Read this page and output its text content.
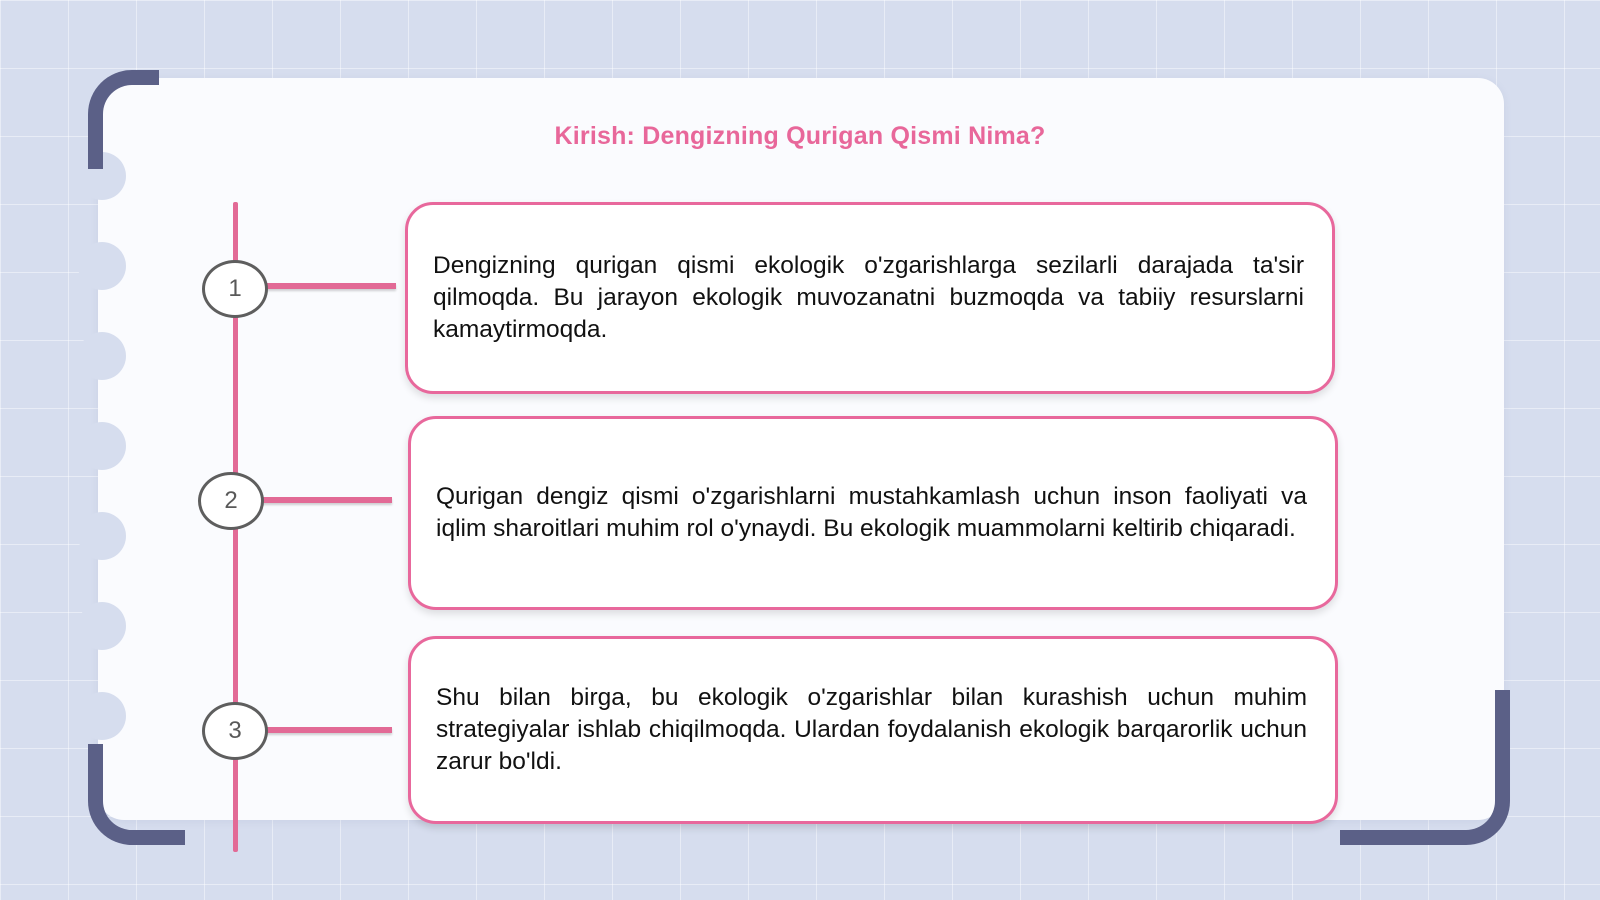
Kirish: Dengizning Qurigan Qismi Nima?
1
2
3

Dengizning qurigan qismi ekologik o'zgarishlarga sezilarli darajada ta'sir qilmoqda. Bu jarayon ekologik muvozanatni buzmoqda va tabiiy resurslarni kamaytirmoqda.

Qurigan dengiz qismi o'zgarishlarni mustahkamlash uchun inson faoliyati va iqlim sharoitlari muhim rol o'ynaydi. Bu ekologik muammolarni keltirib chiqaradi.

Shu bilan birga, bu ekologik o'zgarishlar bilan kurashish uchun muhim strategiyalar ishlab chiqilmoqda. Ulardan foydalanish ekologik barqarorlik uchun zarur bo'ldi.
